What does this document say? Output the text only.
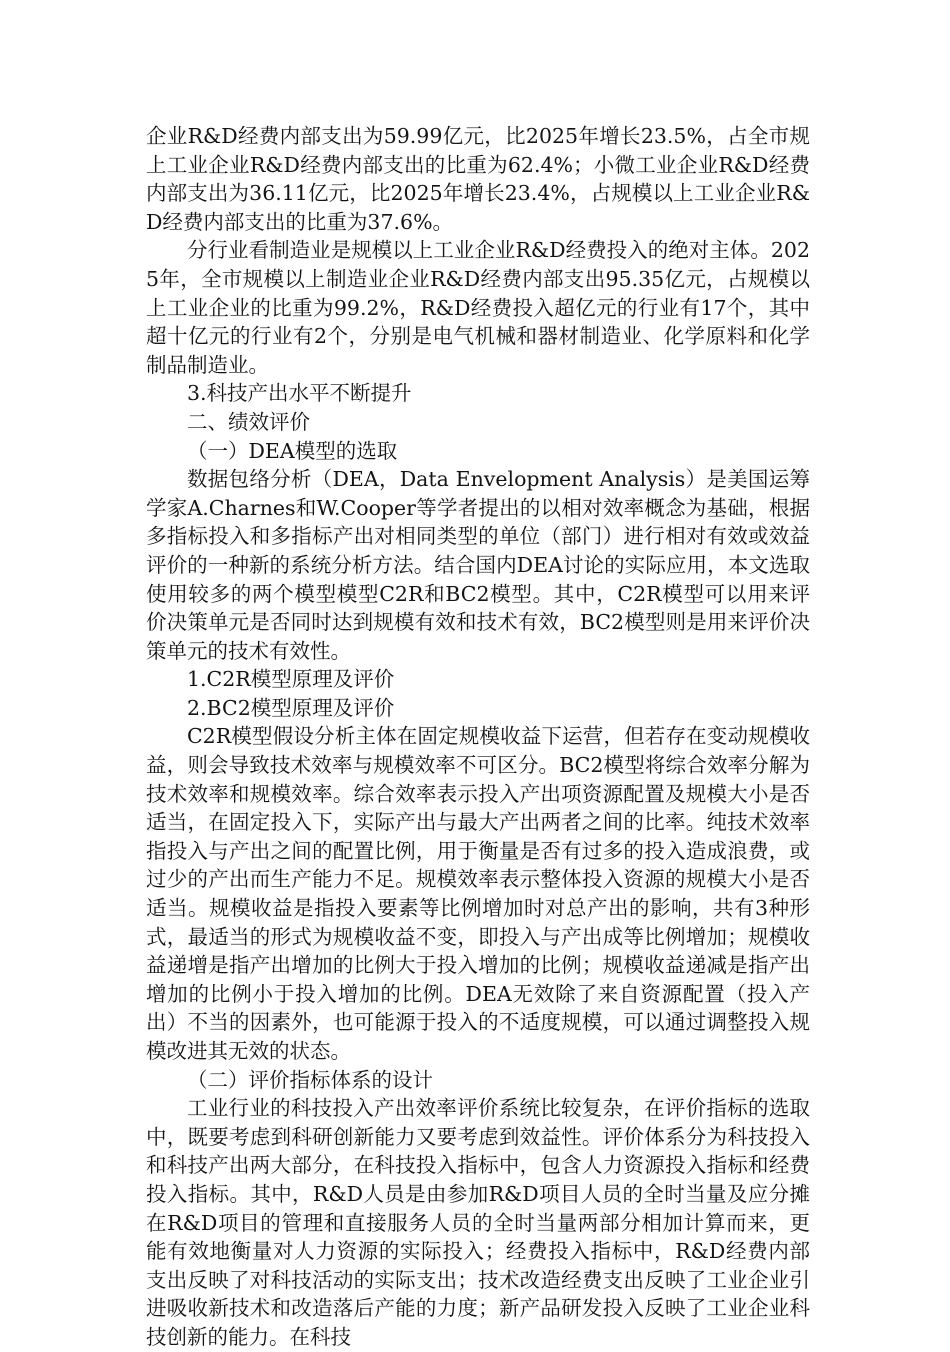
企业R&D经费内部支出为59.99亿元，比2025年增长23.5%，占全市规上工业企业R&D经费内部支出的比重为62.4%；小微工业企业R&D经费内部支出为36.11亿元，比2025年增长23.4%，占规模以上工业企业R&D经费内部支出的比重为37.6%。

分行业看制造业是规模以上工业企业R&D经费投入的绝对主体。2025年，全市规模以上制造业企业R&D经费内部支出95.35亿元，占规模以上工业企业的比重为99.2%，R&D经费投入超亿元的行业有17个，其中超十亿元的行业有2个，分别是电气机械和器材制造业、化学原料和化学制品制造业。

3.科技产出水平不断提升

二、绩效评价

（一）DEA模型的选取

数据包络分析（DEA，Data Envelopment Analysis）是美国运筹学家A.Charnes和W.Cooper等学者提出的以相对效率概念为基础，根据多指标投入和多指标产出对相同类型的单位（部门）进行相对有效或效益评价的一种新的系统分析方法。结合国内DEA讨论的实际应用，本文选取使用较多的两个模型模型C2R和BC2模型。其中，C2R模型可以用来评价决策单元是否同时达到规模有效和技术有效，BC2模型则是用来评价决策单元的技术有效性。

1.C2R模型原理及评价

2.BC2模型原理及评价

C2R模型假设分析主体在固定规模收益下运营，但若存在变动规模收益，则会导致技术效率与规模效率不可区分。BC2模型将综合效率分解为技术效率和规模效率。综合效率表示投入产出项资源配置及规模大小是否适当，在固定投入下，实际产出与最大产出两者之间的比率。纯技术效率指投入与产出之间的配置比例，用于衡量是否有过多的投入造成浪费，或过少的产出而生产能力不足。规模效率表示整体投入资源的规模大小是否适当。规模收益是指投入要素等比例增加时对总产出的影响，共有3种形式，最适当的形式为规模收益不变，即投入与产出成等比例增加；规模收益递增是指产出增加的比例大于投入增加的比例；规模收益递减是指产出增加的比例小于投入增加的比例。DEA无效除了来自资源配置（投入产出）不当的因素外，也可能源于投入的不适度规模，可以通过调整投入规模改进其无效的状态。

（二）评价指标体系的设计

工业行业的科技投入产出效率评价系统比较复杂，在评价指标的选取中，既要考虑到科研创新能力又要考虑到效益性。评价体系分为科技投入和科技产出两大部分，在科技投入指标中，包含人力资源投入指标和经费投入指标。其中，R&D人员是由参加R&D项目人员的全时当量及应分摊在R&D项目的管理和直接服务人员的全时当量两部分相加计算而来，更能有效地衡量对人力资源的实际投入；经费投入指标中，R&D经费内部支出反映了对科技活动的实际支出；技术改造经费支出反映了工业企业引进吸收新技术和改造落后产能的力度；新产品研发投入反映了工业企业科技创新的能力。在科技
